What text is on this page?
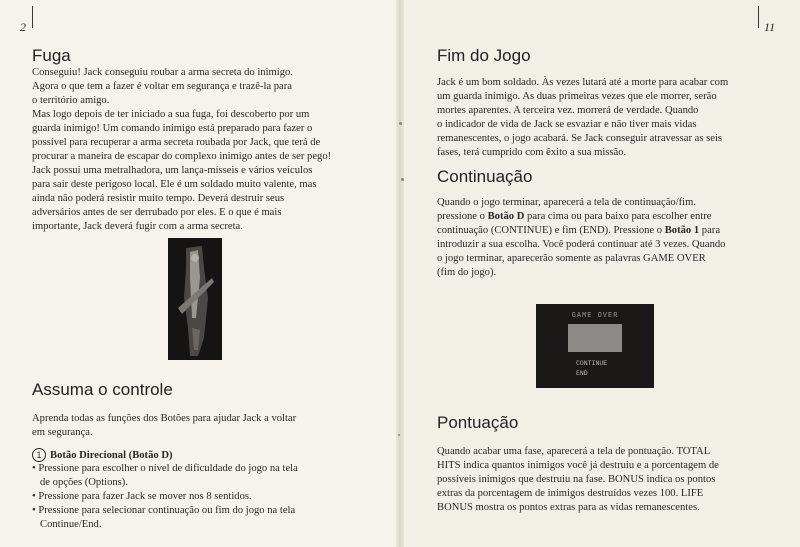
2	11
Fuga

Conseguiu! Jack conseguiu roubar a arma secreta do inimigo.

Agora o que tem a fazer é voltar em segurança e trazê-la para

o território amigo.

Mas logo depois de ter iniciado a sua fuga, foi descoberto por um

guarda inimigo! Um comando inimigo está preparado para fazer o

possível para recuperar a arma secreta roubada por Jack, que terá de

procurar a maneira de escapar do complexo inimigo antes de ser pego!

Jack possui uma metralhadora, um lança-mísseis e vários veículos

para sair deste perigoso local. Ele é um soldado muito valente, mas

ainda não poderá resistir muito tempo. Deverá destruir seus

adversários antes de ser derrubado por eles. E o que é mais

importante, Jack deverá fugir com a arma secreta.

Assuma o controle

Aprenda todas as funções dos Botões para ajudar Jack a voltar

em segurança.

1 Botão Direcional (Botão D)
• Pressione para escolher o nível de dificuldade do jogo na tela
de opções (Options).
• Pressione para fazer Jack se mover nos 8 sentidos.
• Pressione para selecionar continuação ou fim do jogo na tela
Continue/End.
Fim do Jogo

Jack é um bom soldado. Às vezes lutará até a morte para acabar com

um guarda inimigo. As duas primeiras vezes que ele morrer, serão

mortes aparentes. A terceira vez. morrerá de verdade. Quando

o indicador de vida de Jack se esvaziar e não tiver mais vidas

remanescentes, o jogo acabará. Se Jack conseguir atravessar as seis

fases, terá cumprido com êxito a sua missão.

Continuação

Quando o jogo terminar, aparecerá a tela de continuação/fim.

pressione o Botão D para cima ou para baixo para escolher entre

continuação (CONTINUE) e fim (END). Pressione o Botão 1 para

introduzir a sua escolha. Você poderá continuar até 3 vezes. Quando

o jogo terminar, aparecerão somente as palavras GAME OVER

(fim do jogo).

GAME OVER
CONTINUE
END
Pontuação

Quando acabar uma fase, aparecerá a tela de pontuação. TOTAL

HITS indica quantos inimigos você já destruiu e a porcentagem de

possíveis inimigos que destruiu na fase. BONUS indica os pontos

extras da porcentagem de inimigos destruídos vezes 100. LIFE

BONUS mostra os pontos extras para as vidas remanescentes.
